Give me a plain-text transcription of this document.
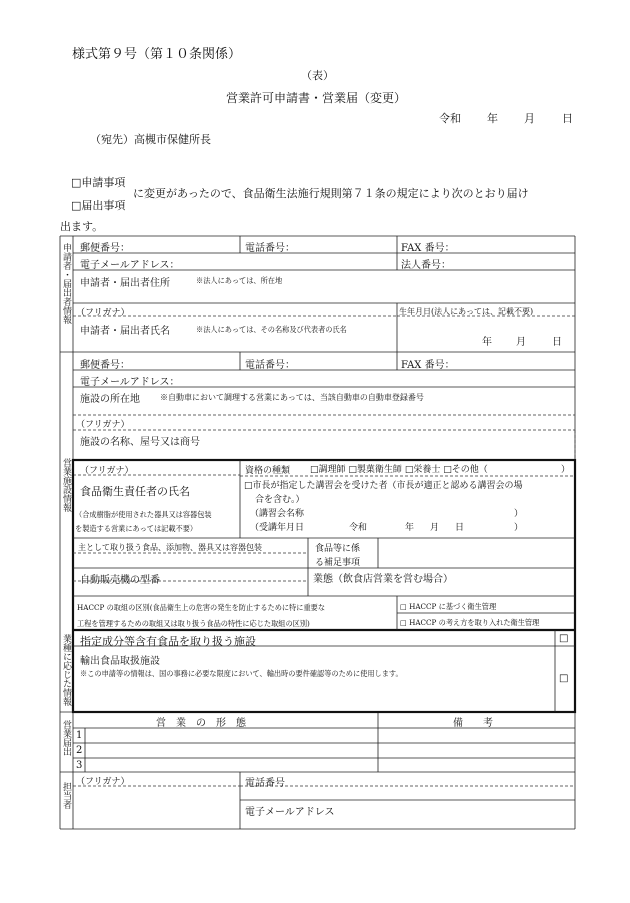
様式第９号（第１０条関係）
（表）
営業許可申請書・営業届（変更）
令和 年 月 日
（宛先）高槻市保健所長
□申請事項
□届出事項
に変更があったので、食品衛生法施行規則第７１条の規定により次のとおり届け
出ます。
申請者・届出者情報
営業施設情報
業種に応じた情報
営業届出
担当者
郵便番号：	電話番号：	FAX 番号：
電子メールアドレス：	法人番号：
申請者・届出者住所	※法人にあっては、所在地
（フリガナ）	生年月日(法人にあっては、記載不要)
申請者・届出者氏名	※法人にあっては、その名称及び代表者の氏名
年 月	日
郵便番号：	電話番号：	FAX 番号：
電子メールアドレス：
施設の所在地	※自動車において調理する営業にあっては、当該自動車の自動車登録番号
（フリガナ）
施設の名称、屋号又は商号
（フリガナ）
食品衛生責任者の氏名
（合成樹脂が使用された器具又は容器包装
を製造する営業にあっては記載不要）
資格の種類 □調理師 □製菓衛生師 □栄養士 □その他（	）
□市長が指定した講習会を受けた者（市長が適正と認める講習会の場
合を含む。）
（講習会名称	）
（受講年月日	令和	年 月 日	）
主として取り扱う食品、添加物、器具又は容器包装	食品等に係
る補足事項
自動販売機の型番	業態（飲食店営業を営む場合）
HACCP の取組の区別(食品衛生上の危害の発生を防止するために特に重要な
工程を管理するための取組又は取り扱う食品の特性に応じた取組の区別)
□ HACCP に基づく衛生管理
□ HACCP の考え方を取り入れた衛生管理
指定成分等含有食品を取り扱う施設	□
輸出食品取扱施設
※この申請等の情報は、国の事務に必要な限度において、輸出時の要件確認等のために使用します。	□
営　業　の　形　態	備　　考
1
2
3
（フリガナ）	電話番号
電子メールアドレス
